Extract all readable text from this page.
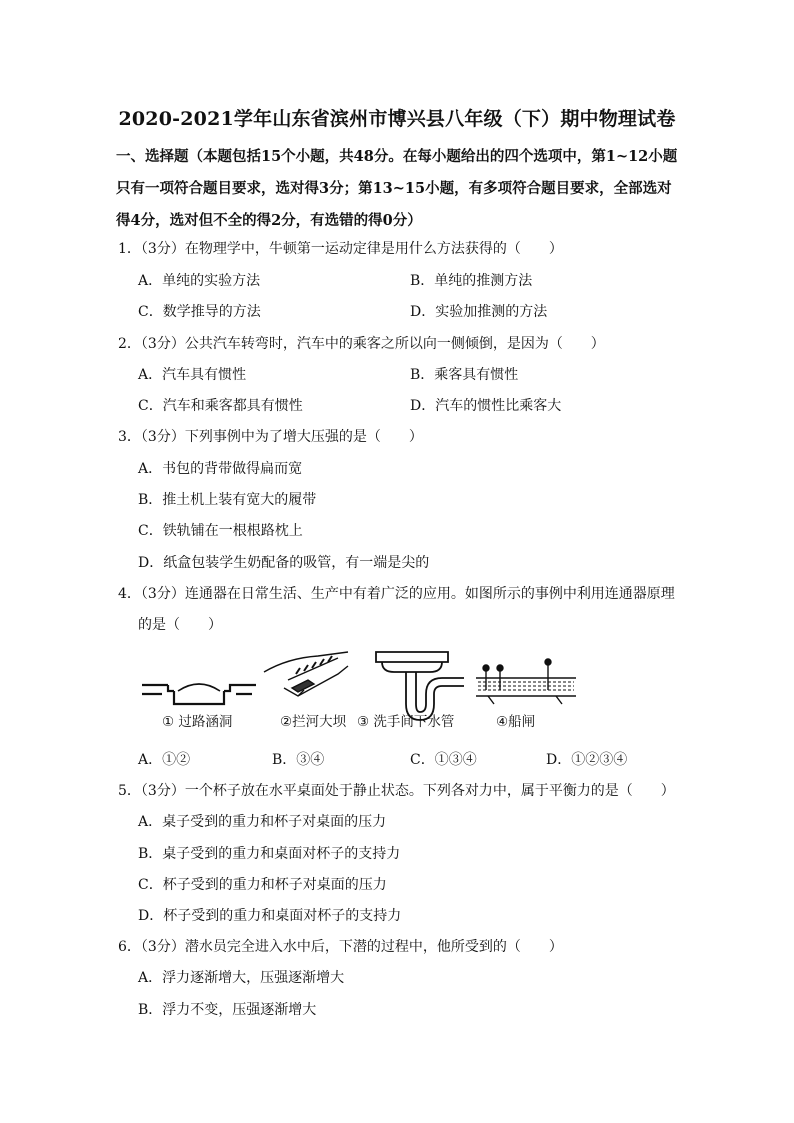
2020-2021学年山东省滨州市博兴县八年级（下）期中物理试卷
一、选择题（本题包括15个小题，共48分。在每小题给出的四个选项中，第1~12小题只有一项符合题目要求，选对得3分；第13~15小题，有多项符合题目要求，全部选对得4分，选对但不全的得2分，有选错的得0分）
1．（3分）在物理学中，牛顿第一运动定律是用什么方法获得的（　　）
A．单纯的实验方法	B．单纯的推测方法
C．数学推导的方法	D．实验加推测的方法
2．（3分）公共汽车转弯时，汽车中的乘客之所以向一侧倾倒，是因为（　　）
A．汽车具有惯性	B．乘客具有惯性
C．汽车和乘客都具有惯性	D．汽车的惯性比乘客大
3．（3分）下列事例中为了增大压强的是（　　）
A．书包的背带做得扁而宽
B．推土机上装有宽大的履带
C．铁轨铺在一根根路枕上
D．纸盒包装学生奶配备的吸管，有一端是尖的
4．（3分）连通器在日常生活、生产中有着广泛的应用。如图所示的事例中利用连通器原理
的是（　　）
① 过路涵洞	②拦河大坝 ③ 洗手间下水管	④船闸
A．①②	B．③④	C．①③④	D．①②③④
5．（3分）一个杯子放在水平桌面处于静止状态。下列各对力中，属于平衡力的是（　　）
A．桌子受到的重力和杯子对桌面的压力
B．桌子受到的重力和桌面对杯子的支持力
C．杯子受到的重力和杯子对桌面的压力
D．杯子受到的重力和桌面对杯子的支持力
6．（3分）潜水员完全进入水中后，下潜的过程中，他所受到的（　　）
A．浮力逐渐增大，压强逐渐增大
B．浮力不变，压强逐渐增大
